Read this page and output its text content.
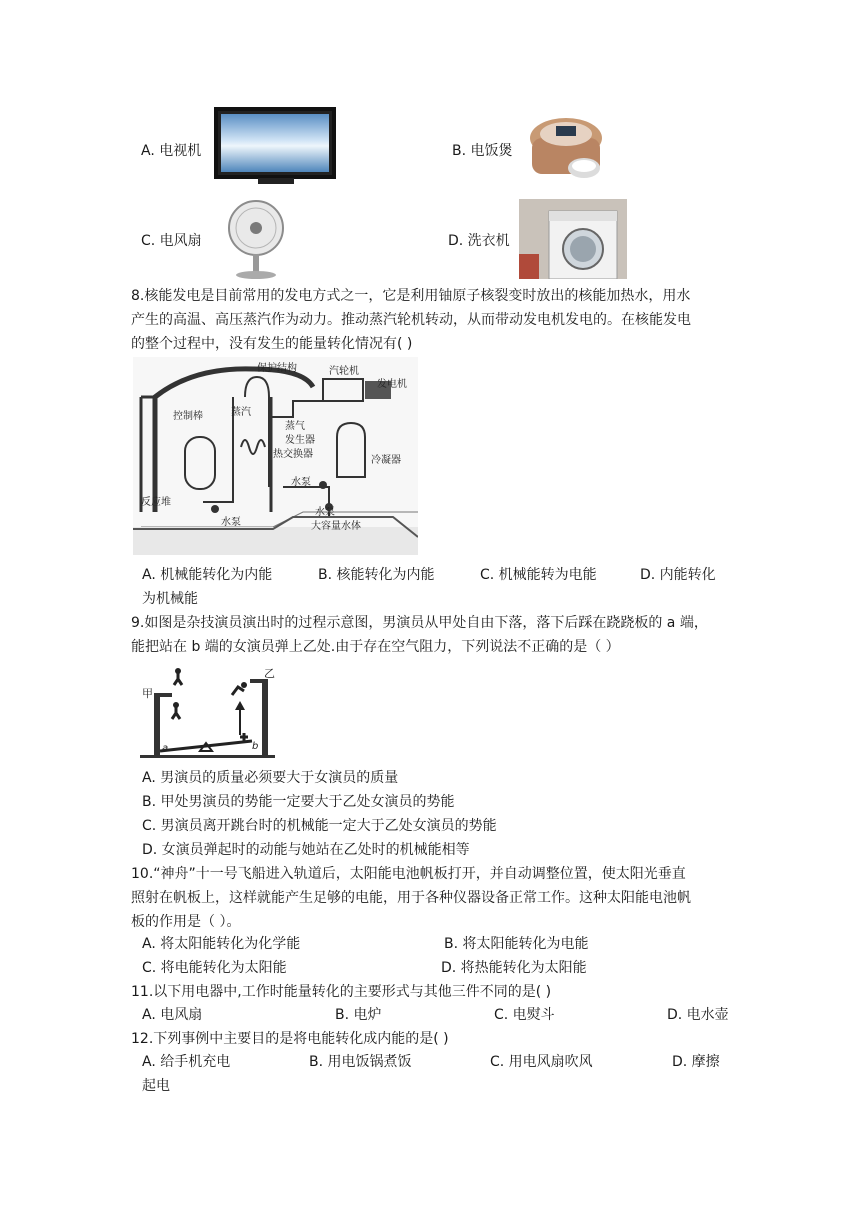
A. 电视机	B. 电饭煲
C. 电风扇	D. 洗衣机
8.核能发电是目前常用的发电方式之一，它是利用铀原子核裂变时放出的核能加热水，用水
产生的高温、高压蒸汽作为动力。推动蒸汽轮机转动，从而带动发电机发电的。在核能发电
的整个过程中，没有发生的能量转化情况有( )
保护结构	汽轮机
发电机
控制棒	蒸汽
蒸气
发生器
热交换器
冷凝器
水泵
反应堆
水泵
水泵
大容量水体
A. 机械能转化为内能	B. 核能转化为内能	C. 机械能转为电能	D. 内能转化
为机械能
9.如图是杂技演员演出时的过程示意图，男演员从甲处自由下落，落下后踩在跷跷板的 a 端，
能把站在 b 端的女演员弹上乙处.由于存在空气阻力，下列说法不正确的是（ ）
甲
乙
a	b
A. 男演员的质量必须要大于女演员的质量
B. 甲处男演员的势能一定要大于乙处女演员的势能
C. 男演员离开跳台时的机械能一定大于乙处女演员的势能
D. 女演员弹起时的动能与她站在乙处时的机械能相等
10.“神舟”十一号飞船进入轨道后，太阳能电池帆板打开，并自动调整位置，使太阳光垂直
照射在帆板上，这样就能产生足够的电能，用于各种仪器设备正常工作。这种太阳能电池帆
板的作用是（ ）。
A. 将太阳能转化为化学能	B. 将太阳能转化为电能
C. 将电能转化为太阳能	D. 将热能转化为太阳能
11.以下用电器中,工作时能量转化的主要形式与其他三件不同的是( )
A. 电风扇	B. 电炉	C. 电熨斗	D. 电水壶
12.下列事例中主要目的是将电能转化成内能的是( )
A. 给手机充电	B. 用电饭锅煮饭	C. 用电风扇吹风	D. 摩擦
起电
